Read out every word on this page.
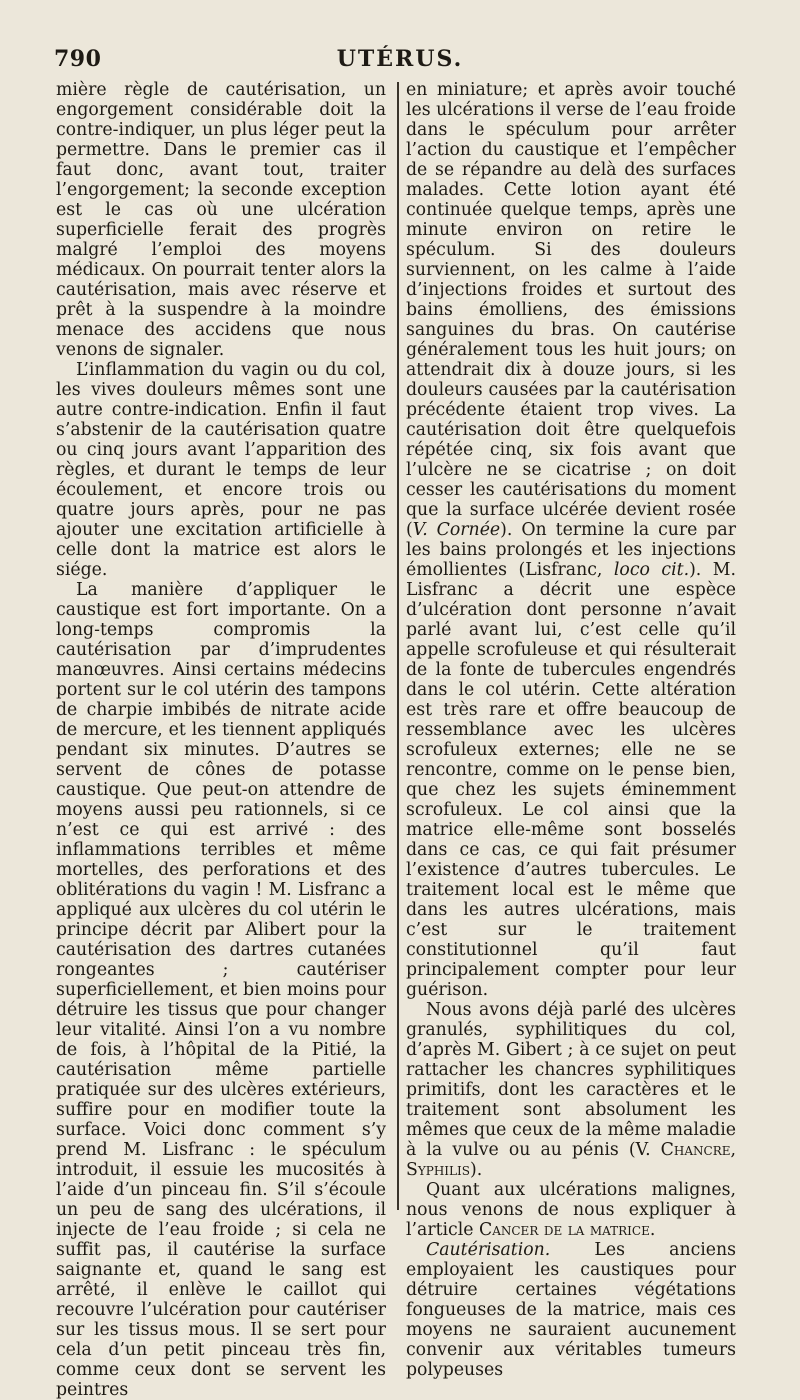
790	UTÉRUS.

mière règle de cautérisation, un engorgement considérable doit la contre-indiquer, un plus léger peut la permettre. Dans le premier cas il faut donc, avant tout, traiter l’engorgement; la seconde exception est le cas où une ulcération superficielle ferait des progrès malgré l’emploi des moyens médicaux. On pourrait tenter alors la cautérisation, mais avec réserve et prêt à la suspendre à la moindre menace des accidens que nous venons de signaler.

L’inflammation du vagin ou du col, les vives douleurs mêmes sont une autre contre-indication. Enfin il faut s’abstenir de la cautérisation quatre ou cinq jours avant l’apparition des règles, et durant le temps de leur écoulement, et encore trois ou quatre jours après, pour ne pas ajouter une excitation artificielle à celle dont la matrice est alors le siége.

La manière d’appliquer le caustique est fort importante. On a long-temps compromis la cautérisation par d’imprudentes manœuvres. Ainsi certains médecins portent sur le col utérin des tampons de charpie imbibés de nitrate acide de mercure, et les tiennent appliqués pendant six minutes. D’autres se servent de cônes de potasse caustique. Que peut-on attendre de moyens aussi peu rationnels, si ce n’est ce qui est arrivé : des inflammations terribles et même mortelles, des perforations et des oblitérations du vagin ! M. Lisfranc a appliqué aux ulcères du col utérin le principe décrit par Alibert pour la cautérisation des dartres cutanées rongeantes ; cautériser superficiellement, et bien moins pour détruire les tissus que pour changer leur vitalité. Ainsi l’on a vu nombre de fois, à l’hôpital de la Pitié, la cautérisation même partielle pratiquée sur des ulcères extérieurs, suffire pour en modifier toute la surface. Voici donc comment s’y prend M. Lisfranc : le spéculum introduit, il essuie les mucosités à l’aide d’un pinceau fin. S’il s’écoule un peu de sang des ulcérations, il injecte de l’eau froide ; si cela ne suffit pas, il cautérise la surface saignante et, quand le sang est arrêté, il enlève le caillot qui recouvre l’ulcération pour cautériser sur les tissus mous. Il se sert pour cela d’un petit pinceau très fin, comme ceux dont se servent les peintres

en miniature; et après avoir touché les ulcérations il verse de l’eau froide dans le spéculum pour arrêter l’action du caustique et l’empêcher de se répandre au delà des surfaces malades. Cette lotion ayant été continuée quelque temps, après une minute environ on retire le spéculum. Si des douleurs surviennent, on les calme à l’aide d’injections froides et surtout des bains émolliens, des émissions sanguines du bras. On cautérise généralement tous les huit jours; on attendrait dix à douze jours, si les douleurs causées par la cautérisation précédente étaient trop vives. La cautérisation doit être quelquefois répétée cinq, six fois avant que l’ulcère ne se cicatrise ; on doit cesser les cautérisations du moment que la surface ulcérée devient rosée (V. Cornée). On termine la cure par les bains prolongés et les injections émollientes (Lisfranc, loco cit.). M. Lisfranc a décrit une espèce d’ulcération dont personne n’avait parlé avant lui, c’est celle qu’il appelle scrofuleuse et qui résulterait de la fonte de tubercules engendrés dans le col utérin. Cette altération est très rare et offre beaucoup de ressemblance avec les ulcères scrofuleux externes; elle ne se rencontre, comme on le pense bien, que chez les sujets éminemment scrofuleux. Le col ainsi que la matrice elle-même sont bosselés dans ce cas, ce qui fait présumer l’existence d’autres tubercules. Le traitement local est le même que dans les autres ulcérations, mais c’est sur le traitement constitutionnel qu’il faut principalement compter pour leur guérison.

Nous avons déjà parlé des ulcères granulés, syphilitiques du col, d’après M. Gibert ; à ce sujet on peut rattacher les chancres syphilitiques primitifs, dont les caractères et le traitement sont absolument les mêmes que ceux de la même maladie à la vulve ou au pénis (V. Chancre, Syphilis).

Quant aux ulcérations malignes, nous venons de nous expliquer à l’article Cancer de la matrice.

Cautérisation. Les anciens employaient les caustiques pour détruire certaines végétations fongueuses de la matrice, mais ces moyens ne sauraient aucunement convenir aux véritables tumeurs polypeuses
